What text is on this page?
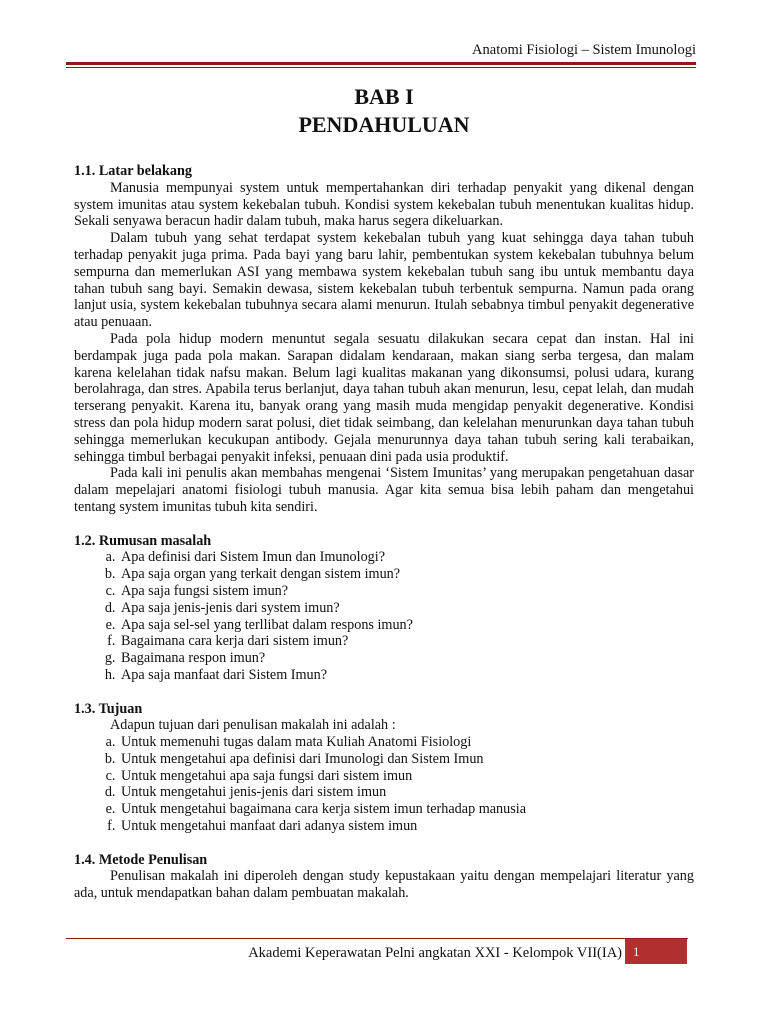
Anatomi Fisiologi – Sistem Imunologi
BAB I
PENDAHULUAN
1.1. Latar belakang

Manusia mempunyai system untuk mempertahankan diri terhadap penyakit yang dikenal dengan system imunitas atau system kekebalan tubuh. Kondisi system kekebalan tubuh menentukan kualitas hidup. Sekali senyawa beracun hadir dalam tubuh, maka harus segera dikeluarkan.

Dalam tubuh yang sehat terdapat system kekebalan tubuh yang kuat sehingga daya tahan tubuh terhadap penyakit juga prima. Pada bayi yang baru lahir, pembentukan system kekebalan tubuhnya belum sempurna dan memerlukan ASI yang membawa system kekebalan tubuh sang ibu untuk membantu daya tahan tubuh sang bayi. Semakin dewasa, sistem kekebalan tubuh terbentuk sempurna. Namun pada orang lanjut usia, system kekebalan tubuhnya secara alami menurun. Itulah sebabnya timbul penyakit degenerative atau penuaan.

Pada pola hidup modern menuntut segala sesuatu dilakukan secara cepat dan instan. Hal ini berdampak juga pada pola makan. Sarapan didalam kendaraan, makan siang serba tergesa, dan malam karena kelelahan tidak nafsu makan. Belum lagi kualitas makanan yang dikonsumsi, polusi udara, kurang berolahraga, dan stres. Apabila terus berlanjut, daya tahan tubuh akan menurun, lesu, cepat lelah, dan mudah terserang penyakit. Karena itu, banyak orang yang masih muda mengidap penyakit degenerative. Kondisi stress dan pola hidup modern sarat polusi, diet tidak seimbang, dan kelelahan menurunkan daya tahan tubuh sehingga memerlukan kecukupan antibody. Gejala menurunnya daya tahan tubuh sering kali terabaikan, sehingga timbul berbagai penyakit infeksi, penuaan dini pada usia produktif.

Pada kali ini penulis akan membahas mengenai ‘Sistem Imunitas’ yang merupakan pengetahuan dasar dalam mepelajari anatomi fisiologi tubuh manusia. Agar kita semua bisa lebih paham dan mengetahui tentang system imunitas tubuh kita sendiri.

1.2. Rumusan masalah
a. Apa definisi dari Sistem Imun dan Imunologi?
b. Apa saja organ yang terkait dengan sistem imun?
c. Apa saja fungsi sistem imun?
d. Apa saja jenis-jenis dari system imun?
e. Apa saja sel-sel yang terllibat dalam respons imun?
f. Bagaimana cara kerja dari sistem imun?
g. Bagaimana respon imun?
h. Apa saja manfaat dari Sistem Imun?
1.3. Tujuan
Adapun tujuan dari penulisan makalah ini adalah :
a. Untuk memenuhi tugas dalam mata Kuliah Anatomi Fisiologi
b. Untuk mengetahui apa definisi dari Imunologi dan Sistem Imun
c. Untuk mengetahui apa saja fungsi dari sistem imun
d. Untuk mengetahui jenis-jenis dari sistem imun
e. Untuk mengetahui bagaimana cara kerja sistem imun terhadap manusia
f. Untuk mengetahui manfaat dari adanya sistem imun
1.4. Metode Penulisan

Penulisan makalah ini diperoleh dengan study kepustakaan yaitu dengan mempelajari literatur yang ada, untuk mendapatkan bahan dalam pembuatan makalah.

Akademi Keperawatan Pelni angkatan XXI - Kelompok VII(IA) 1
